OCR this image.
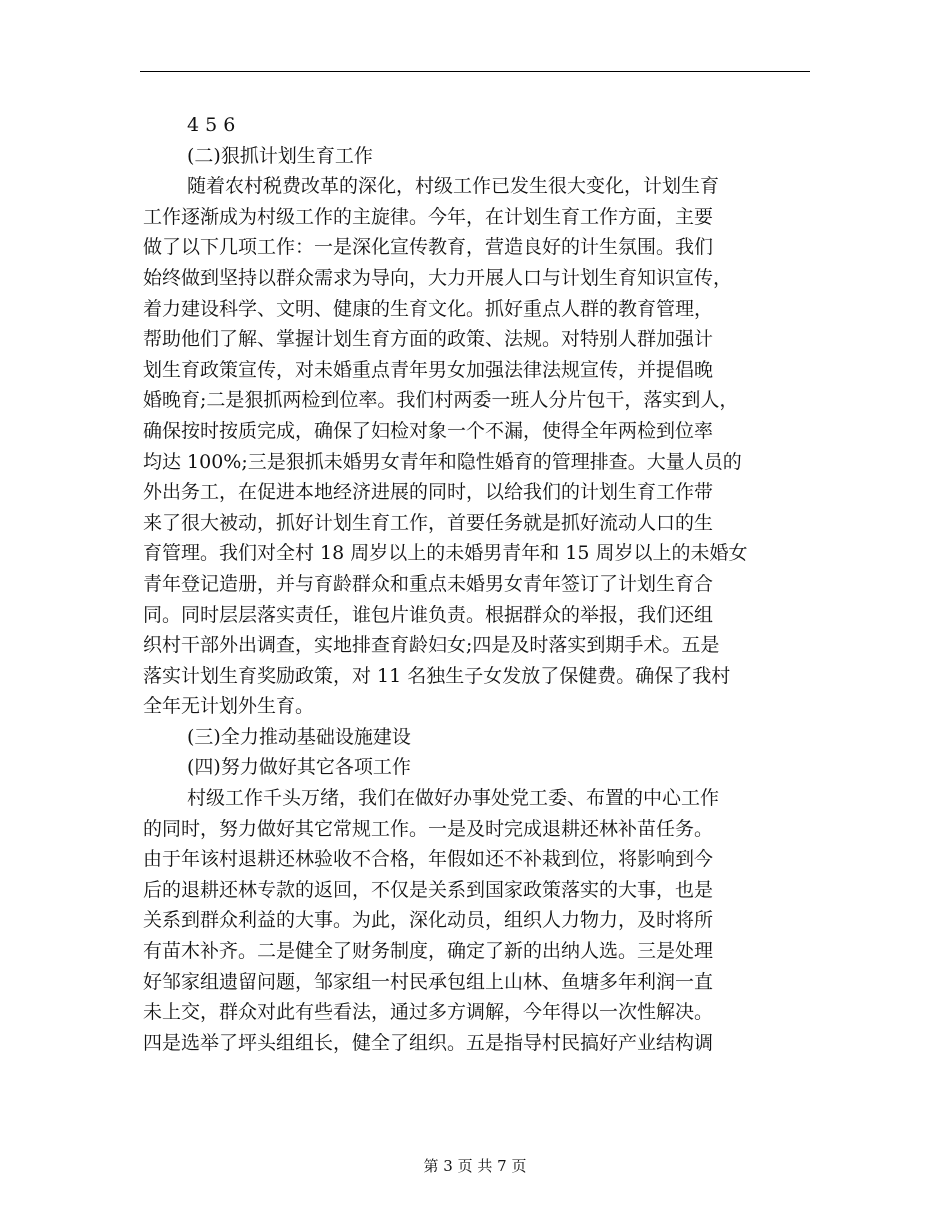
4 5 6
(二)狠抓计划生育工作
随着农村税费改革的深化，村级工作已发生很大变化，计划生育
工作逐渐成为村级工作的主旋律。今年，在计划生育工作方面，主要
做了以下几项工作：一是深化宣传教育，营造良好的计生氛围。我们
始终做到坚持以群众需求为导向，大力开展人口与计划生育知识宣传，
着力建设科学、文明、健康的生育文化。抓好重点人群的教育管理，
帮助他们了解、掌握计划生育方面的政策、法规。对特别人群加强计
划生育政策宣传，对未婚重点青年男女加强法律法规宣传，并提倡晚
婚晚育;二是狠抓两检到位率。我们村两委一班人分片包干，落实到人，
确保按时按质完成，确保了妇检对象一个不漏，使得全年两检到位率
均达 100%;三是狠抓未婚男女青年和隐性婚育的管理排查。大量人员的
外出务工，在促进本地经济进展的同时，以给我们的计划生育工作带
来了很大被动，抓好计划生育工作，首要任务就是抓好流动人口的生
育管理。我们对全村 18 周岁以上的未婚男青年和 15 周岁以上的未婚女
青年登记造册，并与育龄群众和重点未婚男女青年签订了计划生育合
同。同时层层落实责任，谁包片谁负责。根据群众的举报，我们还组
织村干部外出调查，实地排查育龄妇女;四是及时落实到期手术。五是
落实计划生育奖励政策，对 11 名独生子女发放了保健费。确保了我村
全年无计划外生育。
(三)全力推动基础设施建设
(四)努力做好其它各项工作
村级工作千头万绪，我们在做好办事处党工委、布置的中心工作
的同时，努力做好其它常规工作。一是及时完成退耕还林补苗任务。
由于年该村退耕还林验收不合格，年假如还不补栽到位，将影响到今
后的退耕还林专款的返回，不仅是关系到国家政策落实的大事，也是
关系到群众利益的大事。为此，深化动员，组织人力物力，及时将所
有苗木补齐。二是健全了财务制度，确定了新的出纳人选。三是处理
好邹家组遗留问题，邹家组一村民承包组上山林、鱼塘多年利润一直
未上交，群众对此有些看法，通过多方调解，今年得以一次性解决。
四是选举了坪头组组长，健全了组织。五是指导村民搞好产业结构调
第 3 页 共 7 页
